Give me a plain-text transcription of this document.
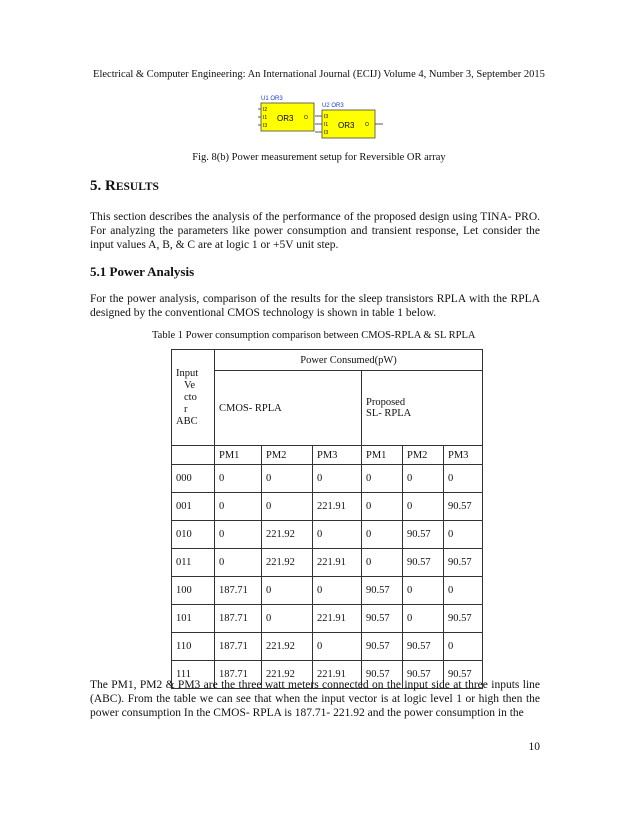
Electrical & Computer Engineering: An International Journal (ECIJ) Volume 4, Number 3, September 2015
U1 OR3
OR3
I2
I1
I3
O
U2 OR3
OR3
I3
I1
I3
O
Fig. 8(b) Power measurement setup for Reversible OR array
5. RESULTS
This section describes the analysis of the performance of the proposed design using TINA- PRO. For analyzing the parameters like power consumption and transient response, Let consider the input values A, B, & C are at logic 1 or +5V unit step.
5.1 Power Analysis
For the power analysis, comparison of the results for the sleep transistors RPLA with the RPLA designed by the conventional CMOS technology is shown in table 1 below.
Table 1 Power consumption comparison between CMOS-RPLA & SL RPLA
Input
Ve
cto
r
ABC	Power Consumed(pW)					
	CMOS- RPLA			Proposed
SL- RPLA		

	PM1	PM2	PM3	PM1	PM2	PM3
000	0	0	0	0	0	0
001	0	0	221.91	0	0	90.57
010	0	221.92	0	0	90.57	0
011	0	221.92	221.91	0	90.57	90.57
100	187.71	0	0	90.57	0	0
101	187.71	0	221.91	90.57	0	90.57
110	187.71	221.92	0	90.57	90.57	0
111	187.71	221.92	221.91	90.57	90.57	90.57
The PM1, PM2 & PM3 are the three watt meters connected on the input side at three inputs line (ABC). From the table we can see that when the input vector is at logic level 1 or high then the power consumption In the CMOS- RPLA is 187.71- 221.92 and the power consumption in the
10
